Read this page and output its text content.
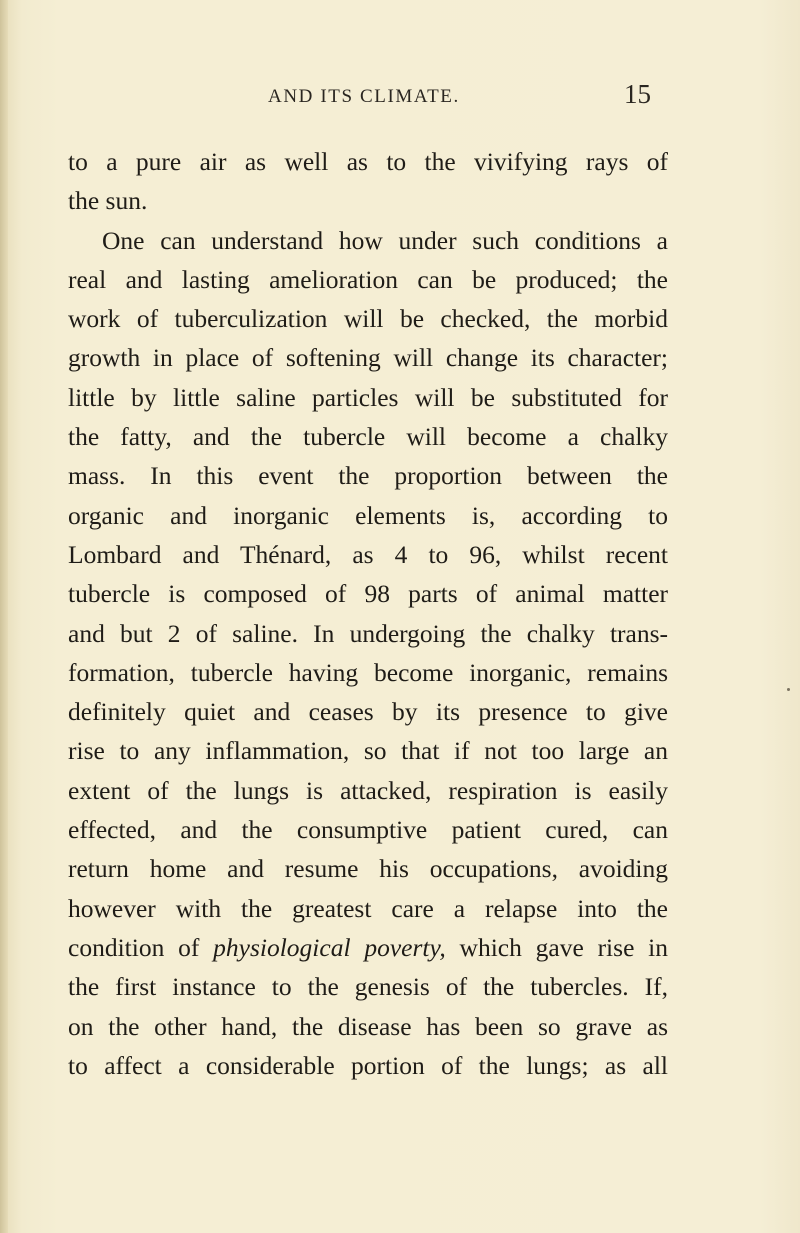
AND ITS CLIMATE.	15
to a pure air as well as to the vivifying rays of
the sun.
One can understand how under such conditions a
real and lasting amelioration can be produced; the
work of tuberculization will be checked, the morbid
growth in place of softening will change its character;
little by little saline particles will be substituted for
the fatty, and the tubercle will become a chalky
mass. In this event the proportion between the
organic and inorganic elements is, according to
Lombard and Thénard, as 4 to 96, whilst recent
tubercle is composed of 98 parts of animal matter
and but 2 of saline. In undergoing the chalky trans-
formation, tubercle having become inorganic, remains
definitely quiet and ceases by its presence to give
rise to any inflammation, so that if not too large an
extent of the lungs is attacked, respiration is easily
effected, and the consumptive patient cured, can
return home and resume his occupations, avoiding
however with the greatest care a relapse into the
condition of physiological poverty, which gave rise in
the first instance to the genesis of the tubercles. If,
on the other hand, the disease has been so grave as
to affect a considerable portion of the lungs; as all
